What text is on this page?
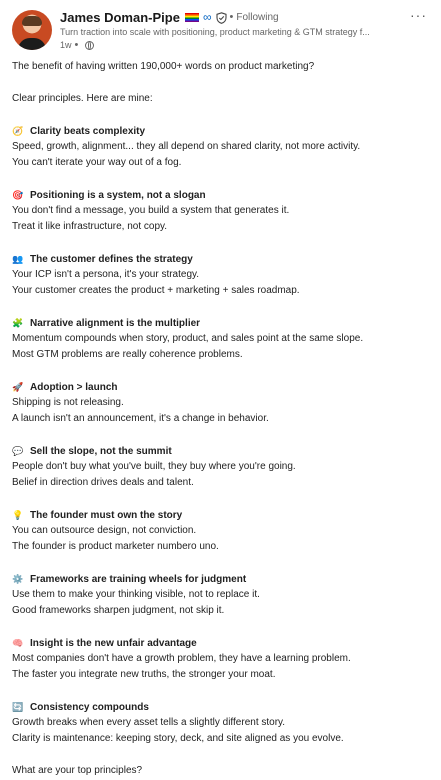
James Doman-Pipe ∞ • Following
Turn traction into scale with positioning, product marketing & GTM strategy f...
1w •
···
The benefit of having written 190,000+ words on product marketing?
Clear principles. Here are mine:
🧭 Clarity beats complexity
Speed, growth, alignment... they all depend on shared clarity, not more activity.
You can't iterate your way out of a fog.
🎯 Positioning is a system, not a slogan
You don't find a message, you build a system that generates it.
Treat it like infrastructure, not copy.
👥 The customer defines the strategy
Your ICP isn't a persona, it's your strategy.
Your customer creates the product + marketing + sales roadmap.
🧩 Narrative alignment is the multiplier
Momentum compounds when story, product, and sales point at the same slope.
Most GTM problems are really coherence problems.
🚀 Adoption > launch
Shipping is not releasing.
A launch isn't an announcement, it's a change in behavior.
💬 Sell the slope, not the summit
People don't buy what you've built, they buy where you're going.
Belief in direction drives deals and talent.
💡 The founder must own the story
You can outsource design, not conviction.
The founder is product marketer numbero uno.
⚙️ Frameworks are training wheels for judgment
Use them to make your thinking visible, not to replace it.
Good frameworks sharpen judgment, not skip it.
🧠 Insight is the new unfair advantage
Most companies don't have a growth problem, they have a learning problem.
The faster you integrate new truths, the stronger your moat.
🔄 Consistency compounds
Growth breaks when every asset tells a slightly different story.
Clarity is maintenance: keeping story, deck, and site aligned as you evolve.
What are your top principles?
